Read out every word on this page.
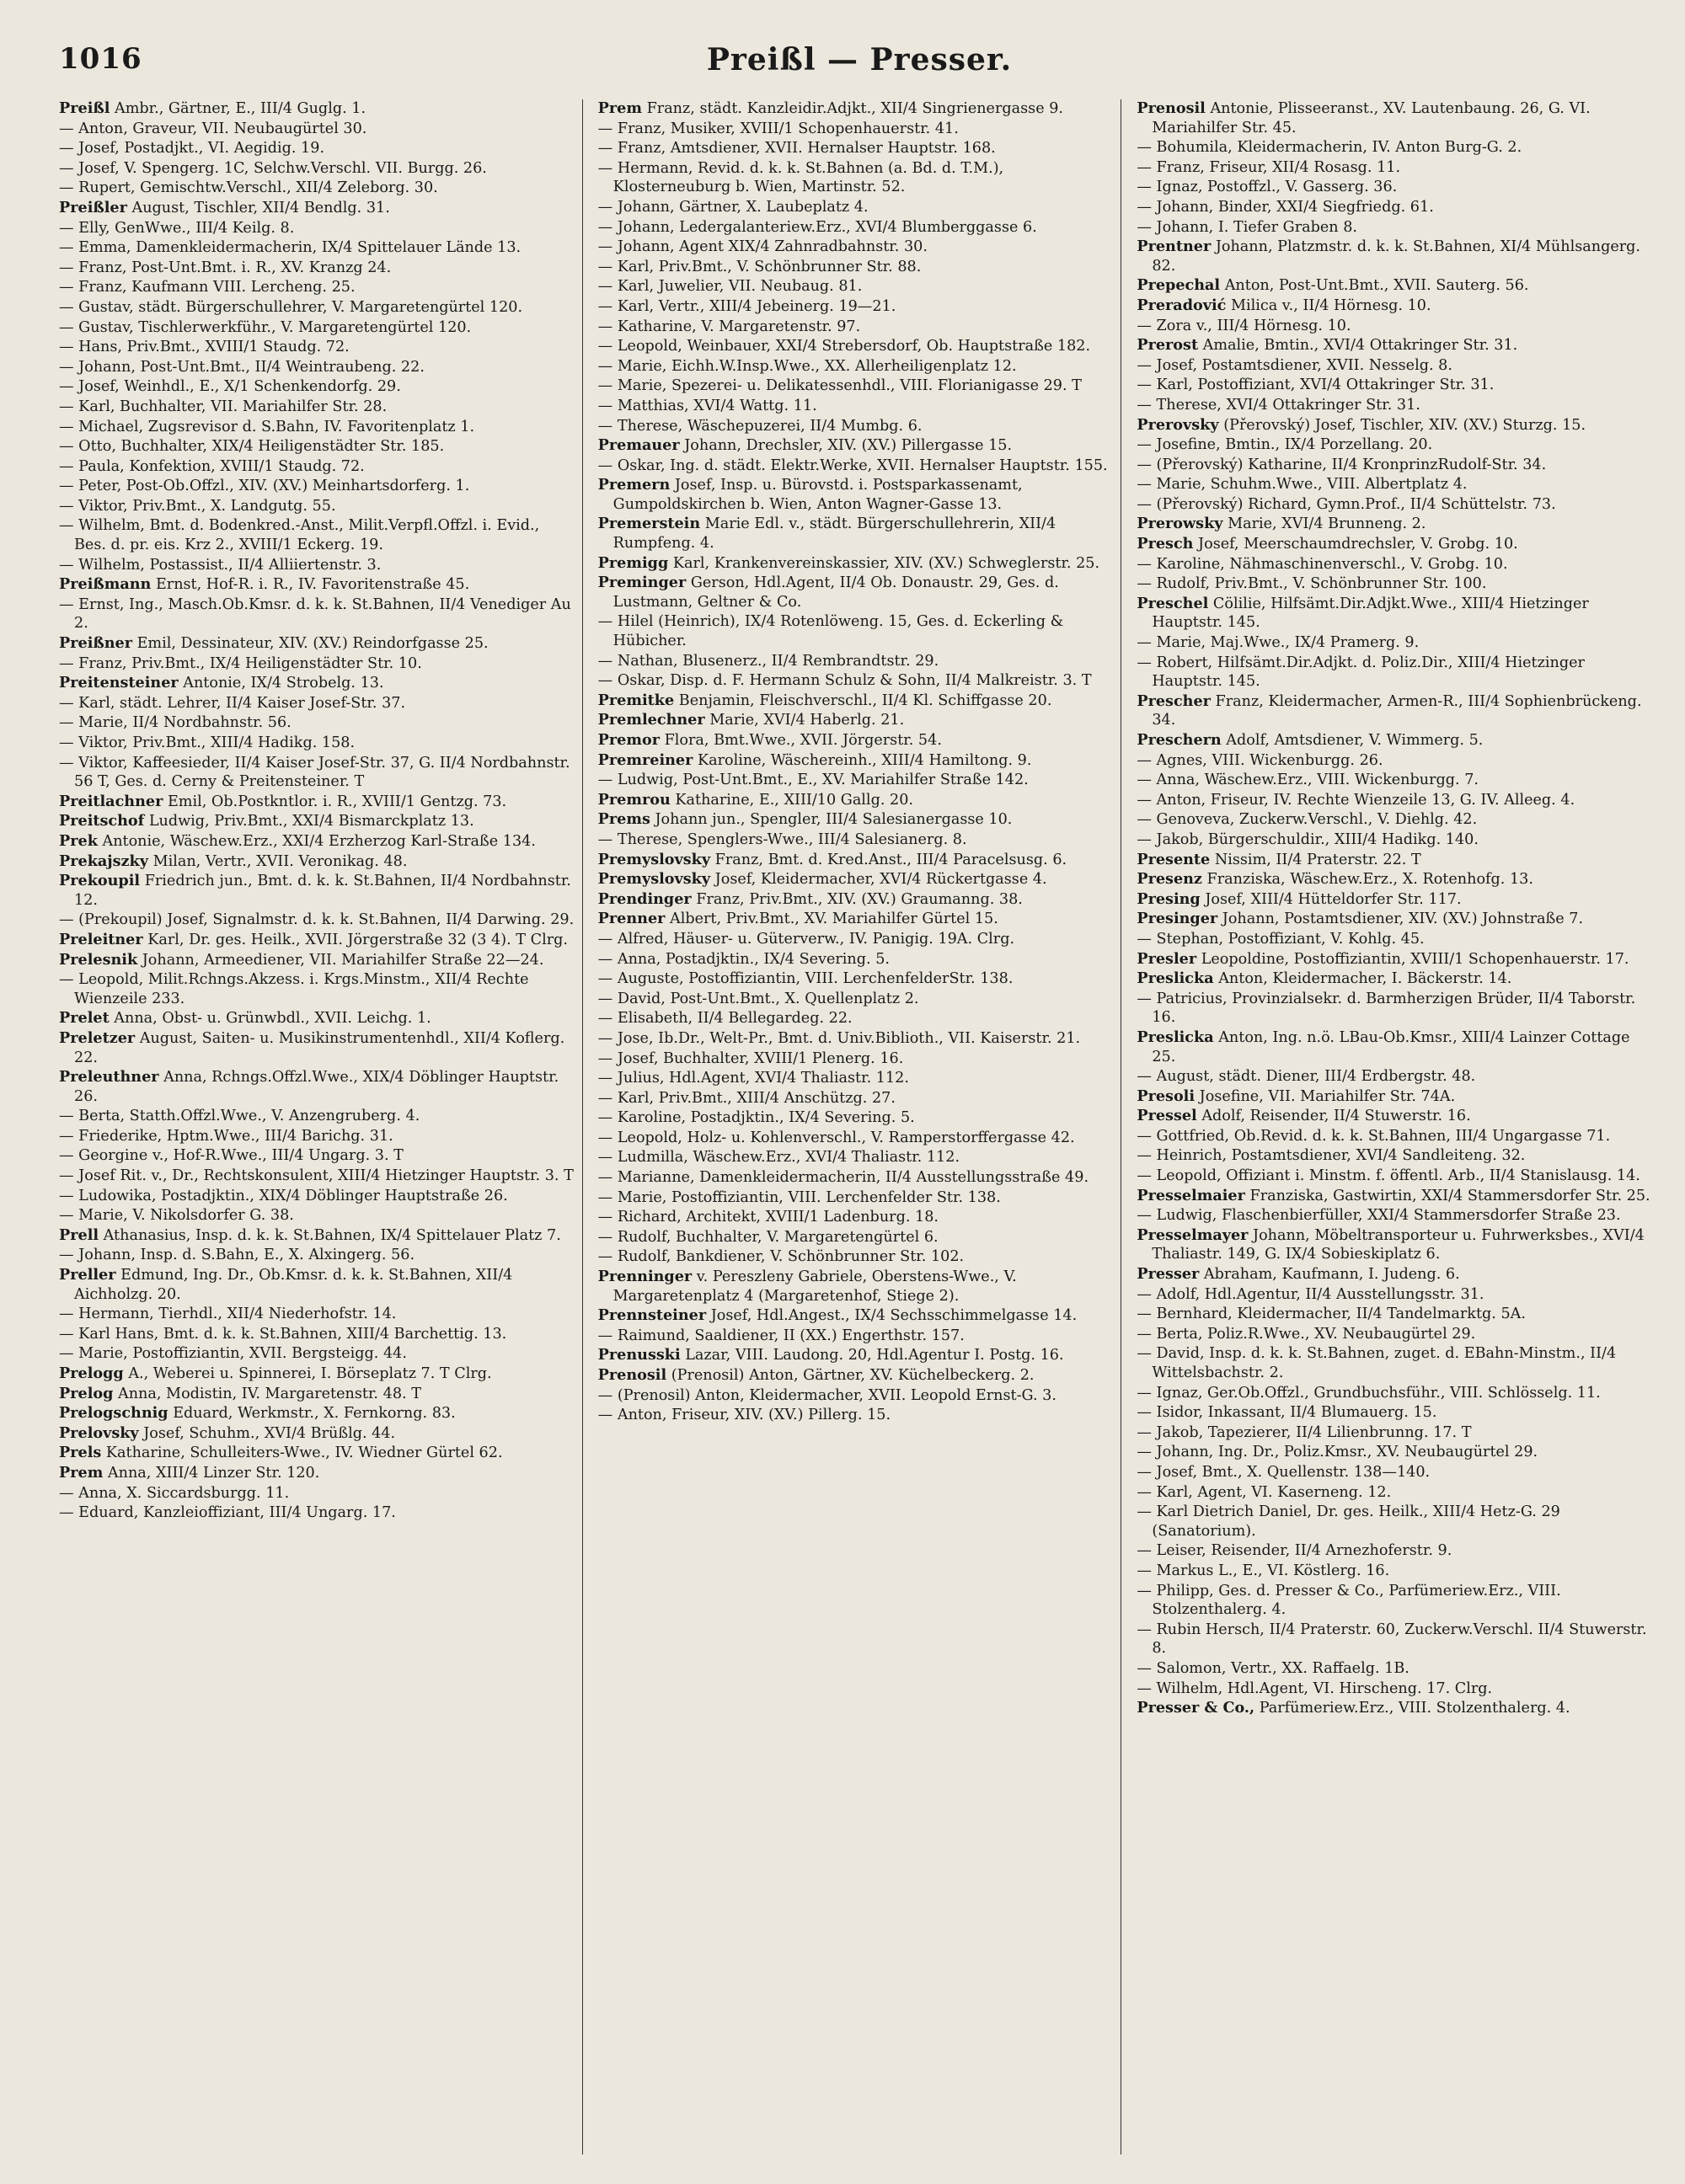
1016	Preißl — Presser.

Preißl Ambr., Gärtner, E., III/4 Guglg. 1.

— Anton, Graveur, VII. Neubaugürtel 30.

— Josef, Postadjkt., VI. Aegidig. 19.

— Josef, V. Spengerg. 1C, Selchw.Verschl. VII. Burgg. 26.

— Rupert, Gemischtw.Verschl., XII/4 Zeleborg. 30.

Preißler August, Tischler, XII/4 Bendlg. 31.

— Elly, GenWwe., III/4 Keilg. 8.

— Emma, Damenkleidermacherin, IX/4 Spittelauer Lände 13.

— Franz, Post-Unt.Bmt. i. R., XV. Kranzg 24.

— Franz, Kaufmann VIII. Lercheng. 25.

— Gustav, städt. Bürgerschullehrer, V. Margaretengürtel 120.

— Gustav, Tischlerwerkführ., V. Margaretengürtel 120.

— Hans, Priv.Bmt., XVIII/1 Staudg. 72.

— Johann, Post-Unt.Bmt., II/4 Weintraubeng. 22.

— Josef, Weinhdl., E., X/1 Schenkendorfg. 29.

— Karl, Buchhalter, VII. Mariahilfer Str. 28.

— Michael, Zugsrevisor d. S.Bahn, IV. Favoritenplatz 1.

— Otto, Buchhalter, XIX/4 Heiligenstädter Str. 185.

— Paula, Konfektion, XVIII/1 Staudg. 72.

— Peter, Post-Ob.Offzl., XIV. (XV.) Meinhartsdorferg. 1.

— Viktor, Priv.Bmt., X. Landgutg. 55.

— Wilhelm, Bmt. d. Bodenkred.-Anst., Milit.Verpfl.Offzl. i. Evid., Bes. d. pr. eis. Krz 2., XVIII/1 Eckerg. 19.

— Wilhelm, Postassist., II/4 Alliiertenstr. 3.

Preißmann Ernst, Hof-R. i. R., IV. Favoritenstraße 45.

— Ernst, Ing., Masch.Ob.Kmsr. d. k. k. St.Bahnen, II/4 Venediger Au 2.

Preißner Emil, Dessinateur, XIV. (XV.) Reindorfgasse 25.

— Franz, Priv.Bmt., IX/4 Heiligenstädter Str. 10.

Preitensteiner Antonie, IX/4 Strobelg. 13.

— Karl, städt. Lehrer, II/4 Kaiser Josef-Str. 37.

— Marie, II/4 Nordbahnstr. 56.

— Viktor, Priv.Bmt., XIII/4 Hadikg. 158.

— Viktor, Kaffeesieder, II/4 Kaiser Josef-Str. 37, G. II/4 Nordbahnstr. 56 T, Ges. d. Cerny & Preitensteiner. T

Preitlachner Emil, Ob.Postkntlor. i. R., XVIII/1 Gentzg. 73.

Preitschof Ludwig, Priv.Bmt., XXI/4 Bismarckplatz 13.

Prek Antonie, Wäschew.Erz., XXI/4 Erzherzog Karl-Straße 134.

Prekajszky Milan, Vertr., XVII. Veronikag. 48.

Prekoupil Friedrich jun., Bmt. d. k. k. St.Bahnen, II/4 Nordbahnstr. 12.

— (Prekoupil) Josef, Signalmstr. d. k. k. St.Bahnen, II/4 Darwing. 29.

Preleitner Karl, Dr. ges. Heilk., XVII. Jörgerstraße 32 (3 4). T Clrg.

Prelesnik Johann, Armeediener, VII. Mariahilfer Straße 22—24.

— Leopold, Milit.Rchngs.Akzess. i. Krgs.Minstm., XII/4 Rechte Wienzeile 233.

Prelet Anna, Obst- u. Grünwbdl., XVII. Leichg. 1.

Preletzer August, Saiten- u. Musikinstrumentenhdl., XII/4 Koflerg. 22.

Preleuthner Anna, Rchngs.Offzl.Wwe., XIX/4 Döblinger Hauptstr. 26.

— Berta, Statth.Offzl.Wwe., V. Anzengruberg. 4.

— Friederike, Hptm.Wwe., III/4 Barichg. 31.

— Georgine v., Hof-R.Wwe., III/4 Ungarg. 3. T

— Josef Rit. v., Dr., Rechtskonsulent, XIII/4 Hietzinger Hauptstr. 3. T

— Ludowika, Postadjktin., XIX/4 Döblinger Hauptstraße 26.

— Marie, V. Nikolsdorfer G. 38.

Prell Athanasius, Insp. d. k. k. St.Bahnen, IX/4 Spittelauer Platz 7.

— Johann, Insp. d. S.Bahn, E., X. Alxingerg. 56.

Preller Edmund, Ing. Dr., Ob.Kmsr. d. k. k. St.Bahnen, XII/4 Aichholzg. 20.

— Hermann, Tierhdl., XII/4 Niederhofstr. 14.

— Karl Hans, Bmt. d. k. k. St.Bahnen, XIII/4 Barchettig. 13.

— Marie, Postoffiziantin, XVII. Bergsteigg. 44.

Prelogg A., Weberei u. Spinnerei, I. Börseplatz 7. T Clrg.

Prelog Anna, Modistin, IV. Margaretenstr. 48. T

Prelogschnig Eduard, Werkmstr., X. Fernkorng. 83.

Prelovsky Josef, Schuhm., XVI/4 Brüßlg. 44.

Prels Katharine, Schulleiters-Wwe., IV. Wiedner Gürtel 62.

Prem Anna, XIII/4 Linzer Str. 120.

— Anna, X. Siccardsburgg. 11.

— Eduard, Kanzleioffiziant, III/4 Ungarg. 17.

Prem Franz, städt. Kanzleidir.Adjkt., XII/4 Singrienergasse 9.

— Franz, Musiker, XVIII/1 Schopenhauerstr. 41.

— Franz, Amtsdiener, XVII. Hernalser Hauptstr. 168.

— Hermann, Revid. d. k. k. St.Bahnen (a. Bd. d. T.M.), Klosterneuburg b. Wien, Martinstr. 52.

— Johann, Gärtner, X. Laubeplatz 4.

— Johann, Ledergalanteriew.Erz., XVI/4 Blumberggasse 6.

— Johann, Agent XIX/4 Zahnradbahnstr. 30.

— Karl, Priv.Bmt., V. Schönbrunner Str. 88.

— Karl, Juwelier, VII. Neubaug. 81.

— Karl, Vertr., XIII/4 Jebeinerg. 19—21.

— Katharine, V. Margaretenstr. 97.

— Leopold, Weinbauer, XXI/4 Strebersdorf, Ob. Hauptstraße 182.

— Marie, Eichh.W.Insp.Wwe., XX. Allerheiligenplatz 12.

— Marie, Spezerei- u. Delikatessenhdl., VIII. Florianigasse 29. T

— Matthias, XVI/4 Wattg. 11.

— Therese, Wäschepuzerei, II/4 Mumbg. 6.

Premauer Johann, Drechsler, XIV. (XV.) Pillergasse 15.

— Oskar, Ing. d. städt. Elektr.Werke, XVII. Hernalser Hauptstr. 155.

Premern Josef, Insp. u. Bürovstd. i. Postsparkassenamt, Gumpoldskirchen b. Wien, Anton Wagner-Gasse 13.

Premerstein Marie Edl. v., städt. Bürgerschullehrerin, XII/4 Rumpfeng. 4.

Premigg Karl, Krankenvereinskassier, XIV. (XV.) Schweglerstr. 25.

Preminger Gerson, Hdl.Agent, II/4 Ob. Donaustr. 29, Ges. d. Lustmann, Geltner & Co.

— Hilel (Heinrich), IX/4 Rotenlöweng. 15, Ges. d. Eckerling & Hübicher.

— Nathan, Blusenerz., II/4 Rembrandtstr. 29.

— Oskar, Disp. d. F. Hermann Schulz & Sohn, II/4 Malkreistr. 3. T

Premitke Benjamin, Fleischverschl., II/4 Kl. Schiffgasse 20.

Premlechner Marie, XVI/4 Haberlg. 21.

Premor Flora, Bmt.Wwe., XVII. Jörgerstr. 54.

Premreiner Karoline, Wäschereinh., XIII/4 Hamiltong. 9.

— Ludwig, Post-Unt.Bmt., E., XV. Mariahilfer Straße 142.

Premrou Katharine, E., XIII/10 Gallg. 20.

Prems Johann jun., Spengler, III/4 Salesianergasse 10.

— Therese, Spenglers-Wwe., III/4 Salesianerg. 8.

Premyslovsky Franz, Bmt. d. Kred.Anst., III/4 Paracelsusg. 6.

Premyslovsky Josef, Kleidermacher, XVI/4 Rückertgasse 4.

Prendinger Franz, Priv.Bmt., XIV. (XV.) Graumanng. 38.

Prenner Albert, Priv.Bmt., XV. Mariahilfer Gürtel 15.

— Alfred, Häuser- u. Güterverw., IV. Panigig. 19A. Clrg.

— Anna, Postadjktin., IX/4 Severing. 5.

— Auguste, Postoffiziantin, VIII. LerchenfelderStr. 138.

— David, Post-Unt.Bmt., X. Quellenplatz 2.

— Elisabeth, II/4 Bellegardeg. 22.

— Jose, Ib.Dr., Welt-Pr., Bmt. d. Univ.Biblioth., VII. Kaiserstr. 21.

— Josef, Buchhalter, XVIII/1 Plenerg. 16.

— Julius, Hdl.Agent, XVI/4 Thaliastr. 112.

— Karl, Priv.Bmt., XIII/4 Anschützg. 27.

— Karoline, Postadjktin., IX/4 Severing. 5.

— Leopold, Holz- u. Kohlenverschl., V. Ramperstorffergasse 42.

— Ludmilla, Wäschew.Erz., XVI/4 Thaliastr. 112.

— Marianne, Damenkleidermacherin, II/4 Ausstellungsstraße 49.

— Marie, Postoffiziantin, VIII. Lerchenfelder Str. 138.

— Richard, Architekt, XVIII/1 Ladenburg. 18.

— Rudolf, Buchhalter, V. Margaretengürtel 6.

— Rudolf, Bankdiener, V. Schönbrunner Str. 102.

Prenninger v. Pereszleny Gabriele, Oberstens-Wwe., V. Margaretenplatz 4 (Margaretenhof, Stiege 2).

Prennsteiner Josef, Hdl.Angest., IX/4 Sechsschimmelgasse 14.

— Raimund, Saaldiener, II (XX.) Engerthstr. 157.

Prenusski Lazar, VIII. Laudong. 20, Hdl.Agentur I. Postg. 16.

Prenosil (Prenosil) Anton, Gärtner, XV. Küchelbeckerg. 2.

— (Prenosil) Anton, Kleidermacher, XVII. Leopold Ernst-G. 3.

— Anton, Friseur, XIV. (XV.) Pillerg. 15.

Prenosil Antonie, Plisseeranst., XV. Lautenbaung. 26, G. VI. Mariahilfer Str. 45.

— Bohumila, Kleidermacherin, IV. Anton Burg-G. 2.

— Franz, Friseur, XII/4 Rosasg. 11.

— Ignaz, Postoffzl., V. Gasserg. 36.

— Johann, Binder, XXI/4 Siegfriedg. 61.

— Johann, I. Tiefer Graben 8.

Prentner Johann, Platzmstr. d. k. k. St.Bahnen, XI/4 Mühlsangerg. 82.

Prepechal Anton, Post-Unt.Bmt., XVII. Sauterg. 56.

Preradović Milica v., II/4 Hörnesg. 10.

— Zora v., III/4 Hörnesg. 10.

Prerost Amalie, Bmtin., XVI/4 Ottakringer Str. 31.

— Josef, Postamtsdiener, XVII. Nesselg. 8.

— Karl, Postoffiziant, XVI/4 Ottakringer Str. 31.

— Therese, XVI/4 Ottakringer Str. 31.

Prerovsky (Přerovský) Josef, Tischler, XIV. (XV.) Sturzg. 15.

— Josefine, Bmtin., IX/4 Porzellang. 20.

— (Přerovský) Katharine, II/4 KronprinzRudolf-Str. 34.

— Marie, Schuhm.Wwe., VIII. Albertplatz 4.

— (Přerovský) Richard, Gymn.Prof., II/4 Schüttelstr. 73.

Prerowsky Marie, XVI/4 Brunneng. 2.

Presch Josef, Meerschaumdrechsler, V. Grobg. 10.

— Karoline, Nähmaschinenverschl., V. Grobg. 10.

— Rudolf, Priv.Bmt., V. Schönbrunner Str. 100.

Preschel Cölilie, Hilfsämt.Dir.Adjkt.Wwe., XIII/4 Hietzinger Hauptstr. 145.

— Marie, Maj.Wwe., IX/4 Pramerg. 9.

— Robert, Hilfsämt.Dir.Adjkt. d. Poliz.Dir., XIII/4 Hietzinger Hauptstr. 145.

Prescher Franz, Kleidermacher, Armen-R., III/4 Sophienbrückeng. 34.

Preschern Adolf, Amtsdiener, V. Wimmerg. 5.

— Agnes, VIII. Wickenburgg. 26.

— Anna, Wäschew.Erz., VIII. Wickenburgg. 7.

— Anton, Friseur, IV. Rechte Wienzeile 13, G. IV. Alleeg. 4.

— Genoveva, Zuckerw.Verschl., V. Diehlg. 42.

— Jakob, Bürgerschuldir., XIII/4 Hadikg. 140.

Presente Nissim, II/4 Praterstr. 22. T

Presenz Franziska, Wäschew.Erz., X. Rotenhofg. 13.

Presing Josef, XIII/4 Hütteldorfer Str. 117.

Presinger Johann, Postamtsdiener, XIV. (XV.) Johnstraße 7.

— Stephan, Postoffiziant, V. Kohlg. 45.

Presler Leopoldine, Postoffiziantin, XVIII/1 Schopenhauerstr. 17.

Preslicka Anton, Kleidermacher, I. Bäckerstr. 14.

— Patricius, Provinzialsekr. d. Barmherzigen Brüder, II/4 Taborstr. 16.

Preslicka Anton, Ing. n.ö. LBau-Ob.Kmsr., XIII/4 Lainzer Cottage 25.

— August, städt. Diener, III/4 Erdbergstr. 48.

Presoli Josefine, VII. Mariahilfer Str. 74A.

Pressel Adolf, Reisender, II/4 Stuwerstr. 16.

— Gottfried, Ob.Revid. d. k. k. St.Bahnen, III/4 Ungargasse 71.

— Heinrich, Postamtsdiener, XVI/4 Sandleiteng. 32.

— Leopold, Offiziant i. Minstm. f. öffentl. Arb., II/4 Stanislausg. 14.

Presselmaier Franziska, Gastwirtin, XXI/4 Stammersdorfer Str. 25.

— Ludwig, Flaschenbierfüller, XXI/4 Stammersdorfer Straße 23.

Presselmayer Johann, Möbeltransporteur u. Fuhrwerksbes., XVI/4 Thaliastr. 149, G. IX/4 Sobieskiplatz 6.

Presser Abraham, Kaufmann, I. Judeng. 6.

— Adolf, Hdl.Agentur, II/4 Ausstellungsstr. 31.

— Bernhard, Kleidermacher, II/4 Tandelmarktg. 5A.

— Berta, Poliz.R.Wwe., XV. Neubaugürtel 29.

— David, Insp. d. k. k. St.Bahnen, zuget. d. EBahn-Minstm., II/4 Wittelsbachstr. 2.

— Ignaz, Ger.Ob.Offzl., Grundbuchsführ., VIII. Schlösselg. 11.

— Isidor, Inkassant, II/4 Blumauerg. 15.

— Jakob, Tapezierer, II/4 Lilienbrunng. 17. T

— Johann, Ing. Dr., Poliz.Kmsr., XV. Neubaugürtel 29.

— Josef, Bmt., X. Quellenstr. 138—140.

— Karl, Agent, VI. Kaserneng. 12.

— Karl Dietrich Daniel, Dr. ges. Heilk., XIII/4 Hetz-G. 29 (Sanatorium).

— Leiser, Reisender, II/4 Arnezhoferstr. 9.

— Markus L., E., VI. Köstlerg. 16.

— Philipp, Ges. d. Presser & Co., Parfümeriew.Erz., VIII. Stolzenthalerg. 4.

— Rubin Hersch, II/4 Praterstr. 60, Zuckerw.Verschl. II/4 Stuwerstr. 8.

— Salomon, Vertr., XX. Raffaelg. 1B.

— Wilhelm, Hdl.Agent, VI. Hirscheng. 17. Clrg.

Presser & Co., Parfümeriew.Erz., VIII. Stolzenthalerg. 4.
